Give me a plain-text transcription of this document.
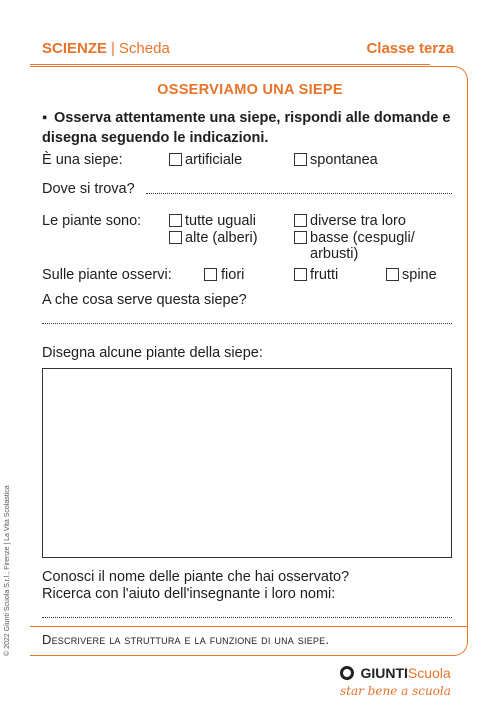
SCIENZE | Scheda	Classe terza
OSSERVIAMO UNA SIEPE
▪ Osserva attentamente una siepe, rispondi alle domande e disegna seguendo le indicazioni.
È una siepe:	artificiale	spontanea
Dove si trova?
Le piante sono:	tutte uguali	diverse tra loro
alte (alberi)	basse (cespugli/
arbusti)
Sulle piante osservi:	fiori	frutti	spine
A che cosa serve questa siepe?
Disegna alcune piante della siepe:
Conosci il nome delle piante che hai osservato?
Ricerca con l'aiuto dell'insegnante i loro nomi:
Descrivere la struttura e la funzione di una siepe.
© 2022 Giunti Scuola S.r.l., Firenze | La Vita Scolastica
GIUNTIScuola
star bene a scuola
